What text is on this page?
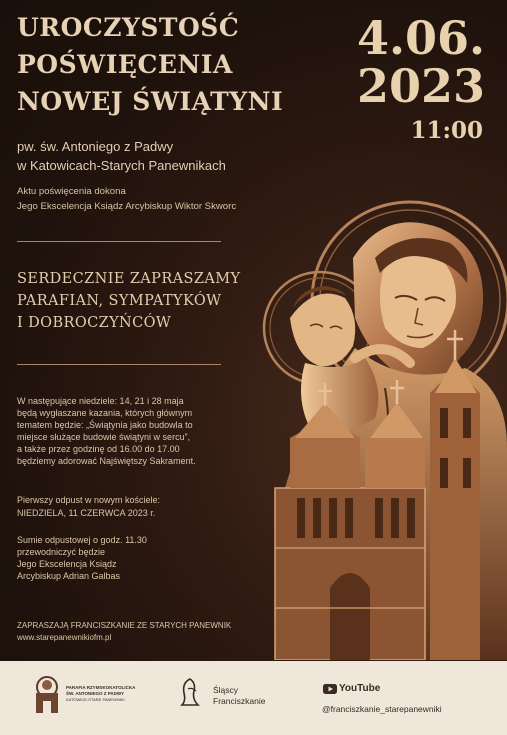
UROCZYSTOŚĆ
POŚWIĘCENIA
NOWEJ ŚWIĄTYNI
4.06.
2023
11:00
pw. św. Antoniego z Padwy
w Katowicach-Starych Panewnikach
Aktu poświęcenia dokona
Jego Ekscelencja Ksiądz Arcybiskup Wiktor Skworc
SERDECZNIE ZAPRASZAMY
PARAFIAN, SYMPATYKÓW
I DOBROCZYŃCÓW
W następujące niedziele: 14, 21 i 28 maja
będą wygłaszane kazania, których głównym
tematem będzie: „Świątynia jako budowla to
miejsce służące budowie świątyni w sercu”,
a także przez godzinę od 16.00 do 17.00
będziemy adorować Najświętszy Sakrament.
Pierwszy odpust w nowym kościele:
NIEDZIELA, 11 CZERWCA 2023 r.
Sumie odpustowej o godz. 11.30
przewodniczyć będzie
Jego Ekscelencja Ksiądz
Arcybiskup Adrian Galbas
ZAPRASZAJĄ FRANCISZKANIE ZE STARYCH PANEWNIK
www.starepanewnikiofm.pl
PARAFIA RZYMSKOKATOLICKA
ŚW. ANTONIEGO Z PADWY
KATOWICE-STARE PANEWNIKI
Śląscy
Franciszkanie
YouTube
@franciszkanie_starepanewniki
